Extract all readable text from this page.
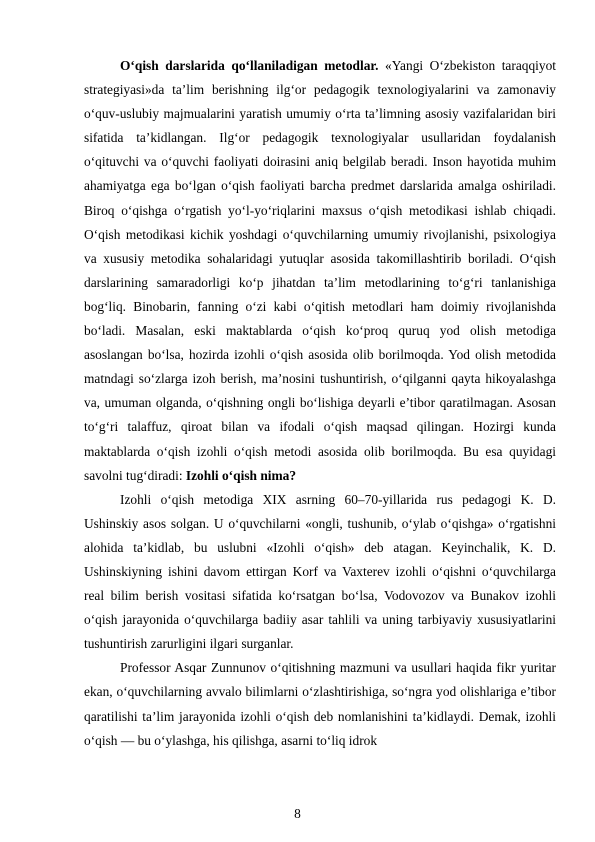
O‘qish darslarida qo‘llaniladigan metodlar. «Yangi O‘zbekiston taraqqiyot strategiyasi»da ta’lim berishning ilg‘or pedagogik texnologiyalarini va zamonaviy o‘quv-uslubiy majmualarini yaratish umumiy o‘rta ta’limning asosiy vazifalaridan biri sifatida ta’kidlangan. Ilg‘or pedagogik texnologiyalar usullaridan foydalanish o‘qituvchi va o‘quvchi faoliyati doirasini aniq belgilab beradi. Inson hayotida muhim ahamiyatga ega bo‘lgan o‘qish faoliyati barcha predmet darslarida amalga oshiriladi. Biroq o‘qishga o‘rgatish yo‘l-yo‘riqlarini maxsus o‘qish metodikasi ishlab chiqadi. O‘qish metodikasi kichik yoshdagi o‘quvchilarning umumiy rivojlanishi, psixologiya va xususiy metodika sohalaridagi yutuqlar asosida takomillashtirib boriladi. O‘qish darslarining samaradorligi ko‘p jihatdan ta’lim metodlarining to‘g‘ri tanlanishiga bog‘liq. Binobarin, fanning o‘zi kabi o‘qitish metodlari ham doimiy rivojlanishda bo‘ladi. Masalan, eski maktablarda o‘qish ko‘proq quruq yod olish metodiga asoslangan bo‘lsa, hozirda izohli o‘qish asosida olib borilmoqda. Yod olish metodida matndagi so‘zlarga izoh berish, ma’nosini tushuntirish, o‘qilganni qayta hikoyalashga va, umuman olganda, o‘qishning ongli bo‘lishiga deyarli e’tibor qaratilmagan. Asosan to‘g‘ri talaffuz, qiroat bilan va ifodali o‘qish maqsad qilingan. Hozirgi kunda maktablarda o‘qish izohli o‘qish metodi asosida olib borilmoqda. Bu esa quyidagi savolni tug‘diradi: Izohli o‘qish nima?

Izohli o‘qish metodiga XIX asrning 60–70-yillarida rus pedagogi K. D. Ushinskiy asos solgan. U o‘quvchilarni «ongli, tushunib, o‘ylab o‘qishga» o‘rgatishni alohida ta’kidlab, bu uslubni «Izohli o‘qish» deb atagan. Keyinchalik, K. D. Ushinskiyning ishini davom ettirgan Korf va Vaxterev izohli o‘qishni o‘quvchilarga real bilim berish vositasi sifatida ko‘rsatgan bo‘lsa, Vodovozov va Bunakov izohli o‘qish jarayonida o‘quvchilarga badiiy asar tahlili va uning tarbiyaviy xususiyatlarini tushuntirish zarurligini ilgari surganlar.

Professor Asqar Zunnunov o‘qitishning mazmuni va usullari haqida fikr yuritar ekan, o‘quvchilarning avvalo bilimlarni o‘zlashtirishiga, so‘ngra yod olishlariga e’tibor qaratilishi ta’lim jarayonida izohli o‘qish deb nomlanishini ta’kidlaydi. Demak, izohli o‘qish — bu o‘ylashga, his qilishga, asarni to‘liq idrok

8
